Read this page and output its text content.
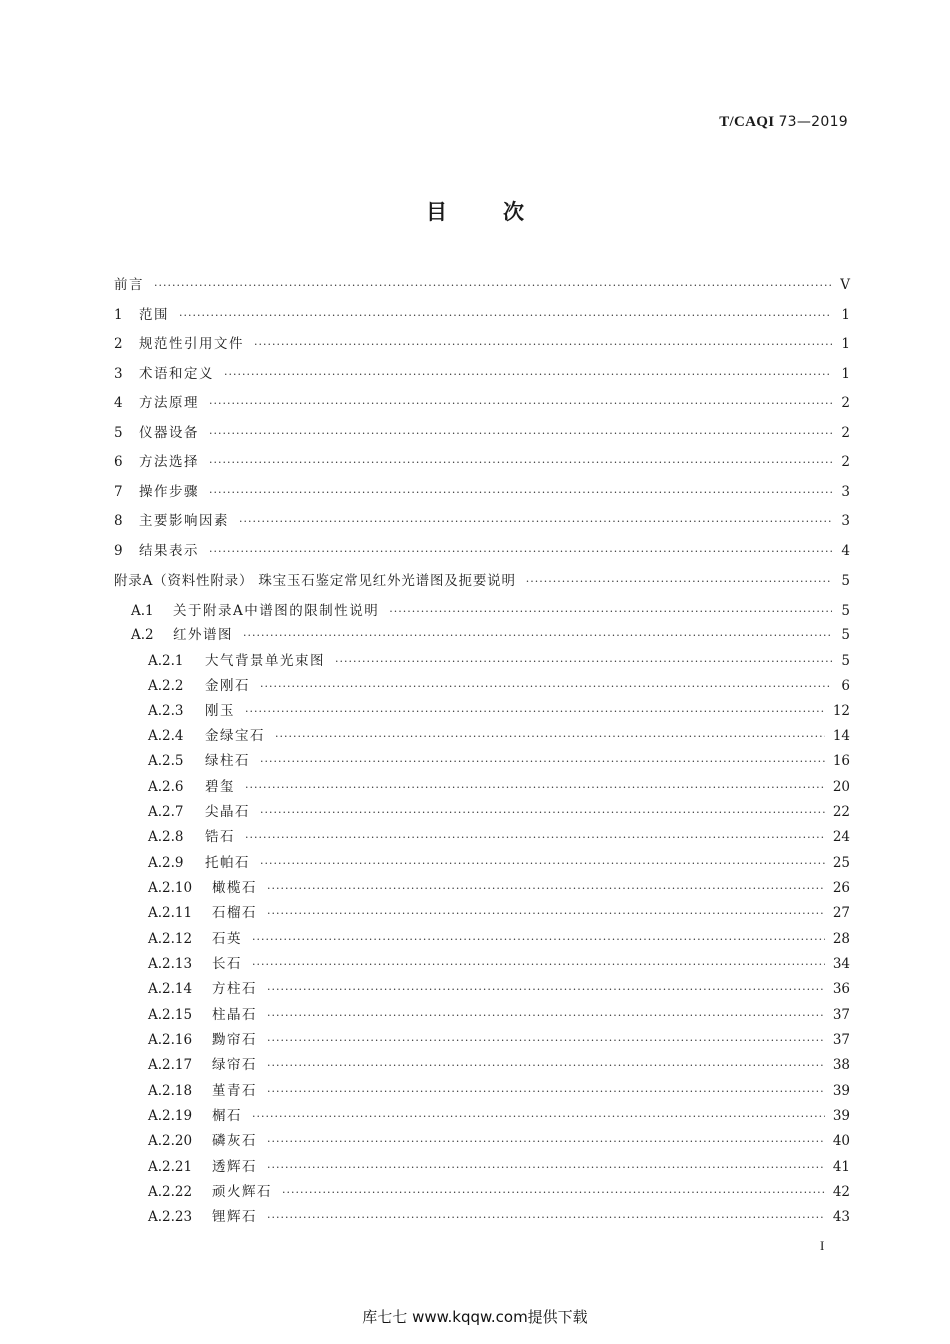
T/CAQI 73—2019
目次
前言 ·····	V
1	范围 ·····	1
2	规范性引用文件 ·····	1
3	术语和定义 ·····	1
4	方法原理 ·····	2
5	仪器设备 ·····	2
6	方法选择 ·····	2
7	操作步骤 ·····	3
8	主要影响因素 ·····	3
9	结果表示 ·····	4
附录A（资料性附录） 珠宝玉石鉴定常见红外光谱图及扼要说明 ·····	5
A.1	关于附录A中谱图的限制性说明 ·····	5
A.2	红外谱图 ·····	5
A.2.1	大气背景单光束图 ·····	5
A.2.2	金刚石 ·····	6
A.2.3	刚玉 ·····	12
A.2.4	金绿宝石 ·····	14
A.2.5	绿柱石 ·····	16
A.2.6	碧玺 ·····	20
A.2.7	尖晶石 ·····	22
A.2.8	锆石 ·····	24
A.2.9	托帕石 ·····	25
A.2.10	橄榄石 ·····	26
A.2.11	石榴石 ·····	27
A.2.12	石英 ·····	28
A.2.13	长石 ·····	34
A.2.14	方柱石 ·····	36
A.2.15	柱晶石 ·····	37
A.2.16	黝帘石 ·····	37
A.2.17	绿帘石 ·····	38
A.2.18	堇青石 ·····	39
A.2.19	榍石 ·····	39
A.2.20	磷灰石 ·····	40
A.2.21	透辉石 ·····	41
A.2.22	顽火辉石 ·····	42
A.2.23	锂辉石 ·····	43
I
库七七 www.kqqw.com提供下载
